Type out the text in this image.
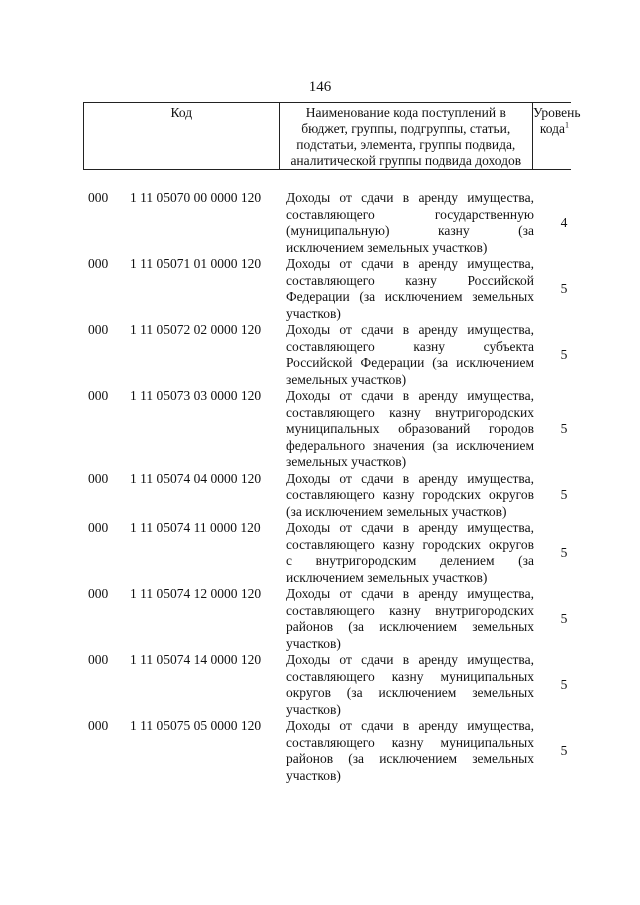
146
Код	Наименование кода поступлений в
бюджет, группы, подгруппы, статьи,
подстатьи, элемента, группы подвида,
аналитической группы подвида доходов
Уровень
кода$^1$
000	1 11 05070 00 0000 120	Доходы от сдачи в аренду имущества,
составляющего государственную
(муниципальную) казну (за
исключением земельных участков)
4
000	1 11 05071 01 0000 120	Доходы от сдачи в аренду имущества,
составляющего казну Российской
Федерации (за исключением земельных
участков)
5
000	1 11 05072 02 0000 120	Доходы от сдачи в аренду имущества,
составляющего казну субъекта
Российской Федерации (за исключением
земельных участков)
5
000	1 11 05073 03 0000 120	Доходы от сдачи в аренду имущества,
составляющего казну внутригородских
муниципальных образований городов
федерального значения (за исключением
земельных участков)
5
000	1 11 05074 04 0000 120	Доходы от сдачи в аренду имущества,
составляющего казну городских округов
(за исключением земельных участков)
5
000	1 11 05074 11 0000 120	Доходы от сдачи в аренду имущества,
составляющего казну городских округов
с внутригородским делением (за
исключением земельных участков)
5
000	1 11 05074 12 0000 120	Доходы от сдачи в аренду имущества,
составляющего казну внутригородских
районов (за исключением земельных
участков)
5
000	1 11 05074 14 0000 120	Доходы от сдачи в аренду имущества,
составляющего казну муниципальных
округов (за исключением земельных
участков)
5
000	1 11 05075 05 0000 120	Доходы от сдачи в аренду имущества,
составляющего казну муниципальных
районов (за исключением земельных
участков)
5
